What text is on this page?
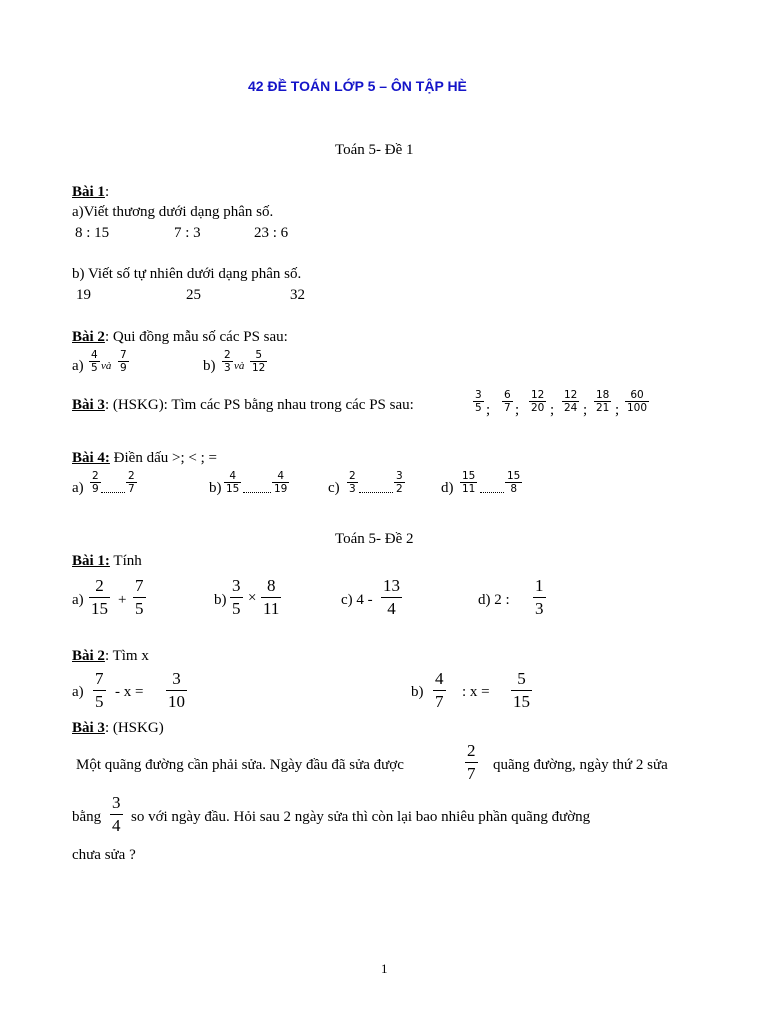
42 ĐỀ TOÁN LỚP 5 – ÔN TẬP HÈ
Toán 5- Đề 1
Bài 1:
a)Viết thương dưới dạng phân số.
8 : 15	7 : 3	23 : 6
b) Viết số tự nhiên dưới dạng phân số.
19	25	32
Bài 2: Qui đồng mẫu số các PS sau:
a)
4
5 và
7
9	b)
2
3 và
5
12
Bài 3: (HSKG): Tìm các PS bằng nhau trong các PS sau:
3
5 ;
6
7 ;
12
20 ;
12
24 ;
18
21 ;
60
100
Bài 4: Điền dấu >; < ; =
a)
2
9
2
7	b)
4
15
4
19	c)
2
3
3
2	d)
15
11
15
8
Toán 5- Đề 2
Bài 1: Tính
a)
2
15 +
7
5	b)
3
5
×
8
11	c) 4 -
13
4	d) 2 :
1
3
Bài 2: Tìm x
a)
7
5 - x =
3
10	b)
4
7 : x =
5
15
Bài 3: (HSKG)
Một quãng đường cần phải sửa. Ngày đầu đã sửa được
2
7 quãng đường, ngày thứ 2 sửa
bằng
3
4 so với ngày đầu. Hỏi sau 2 ngày sửa thì còn lại bao nhiêu phần quãng đường
chưa sửa ?
1
